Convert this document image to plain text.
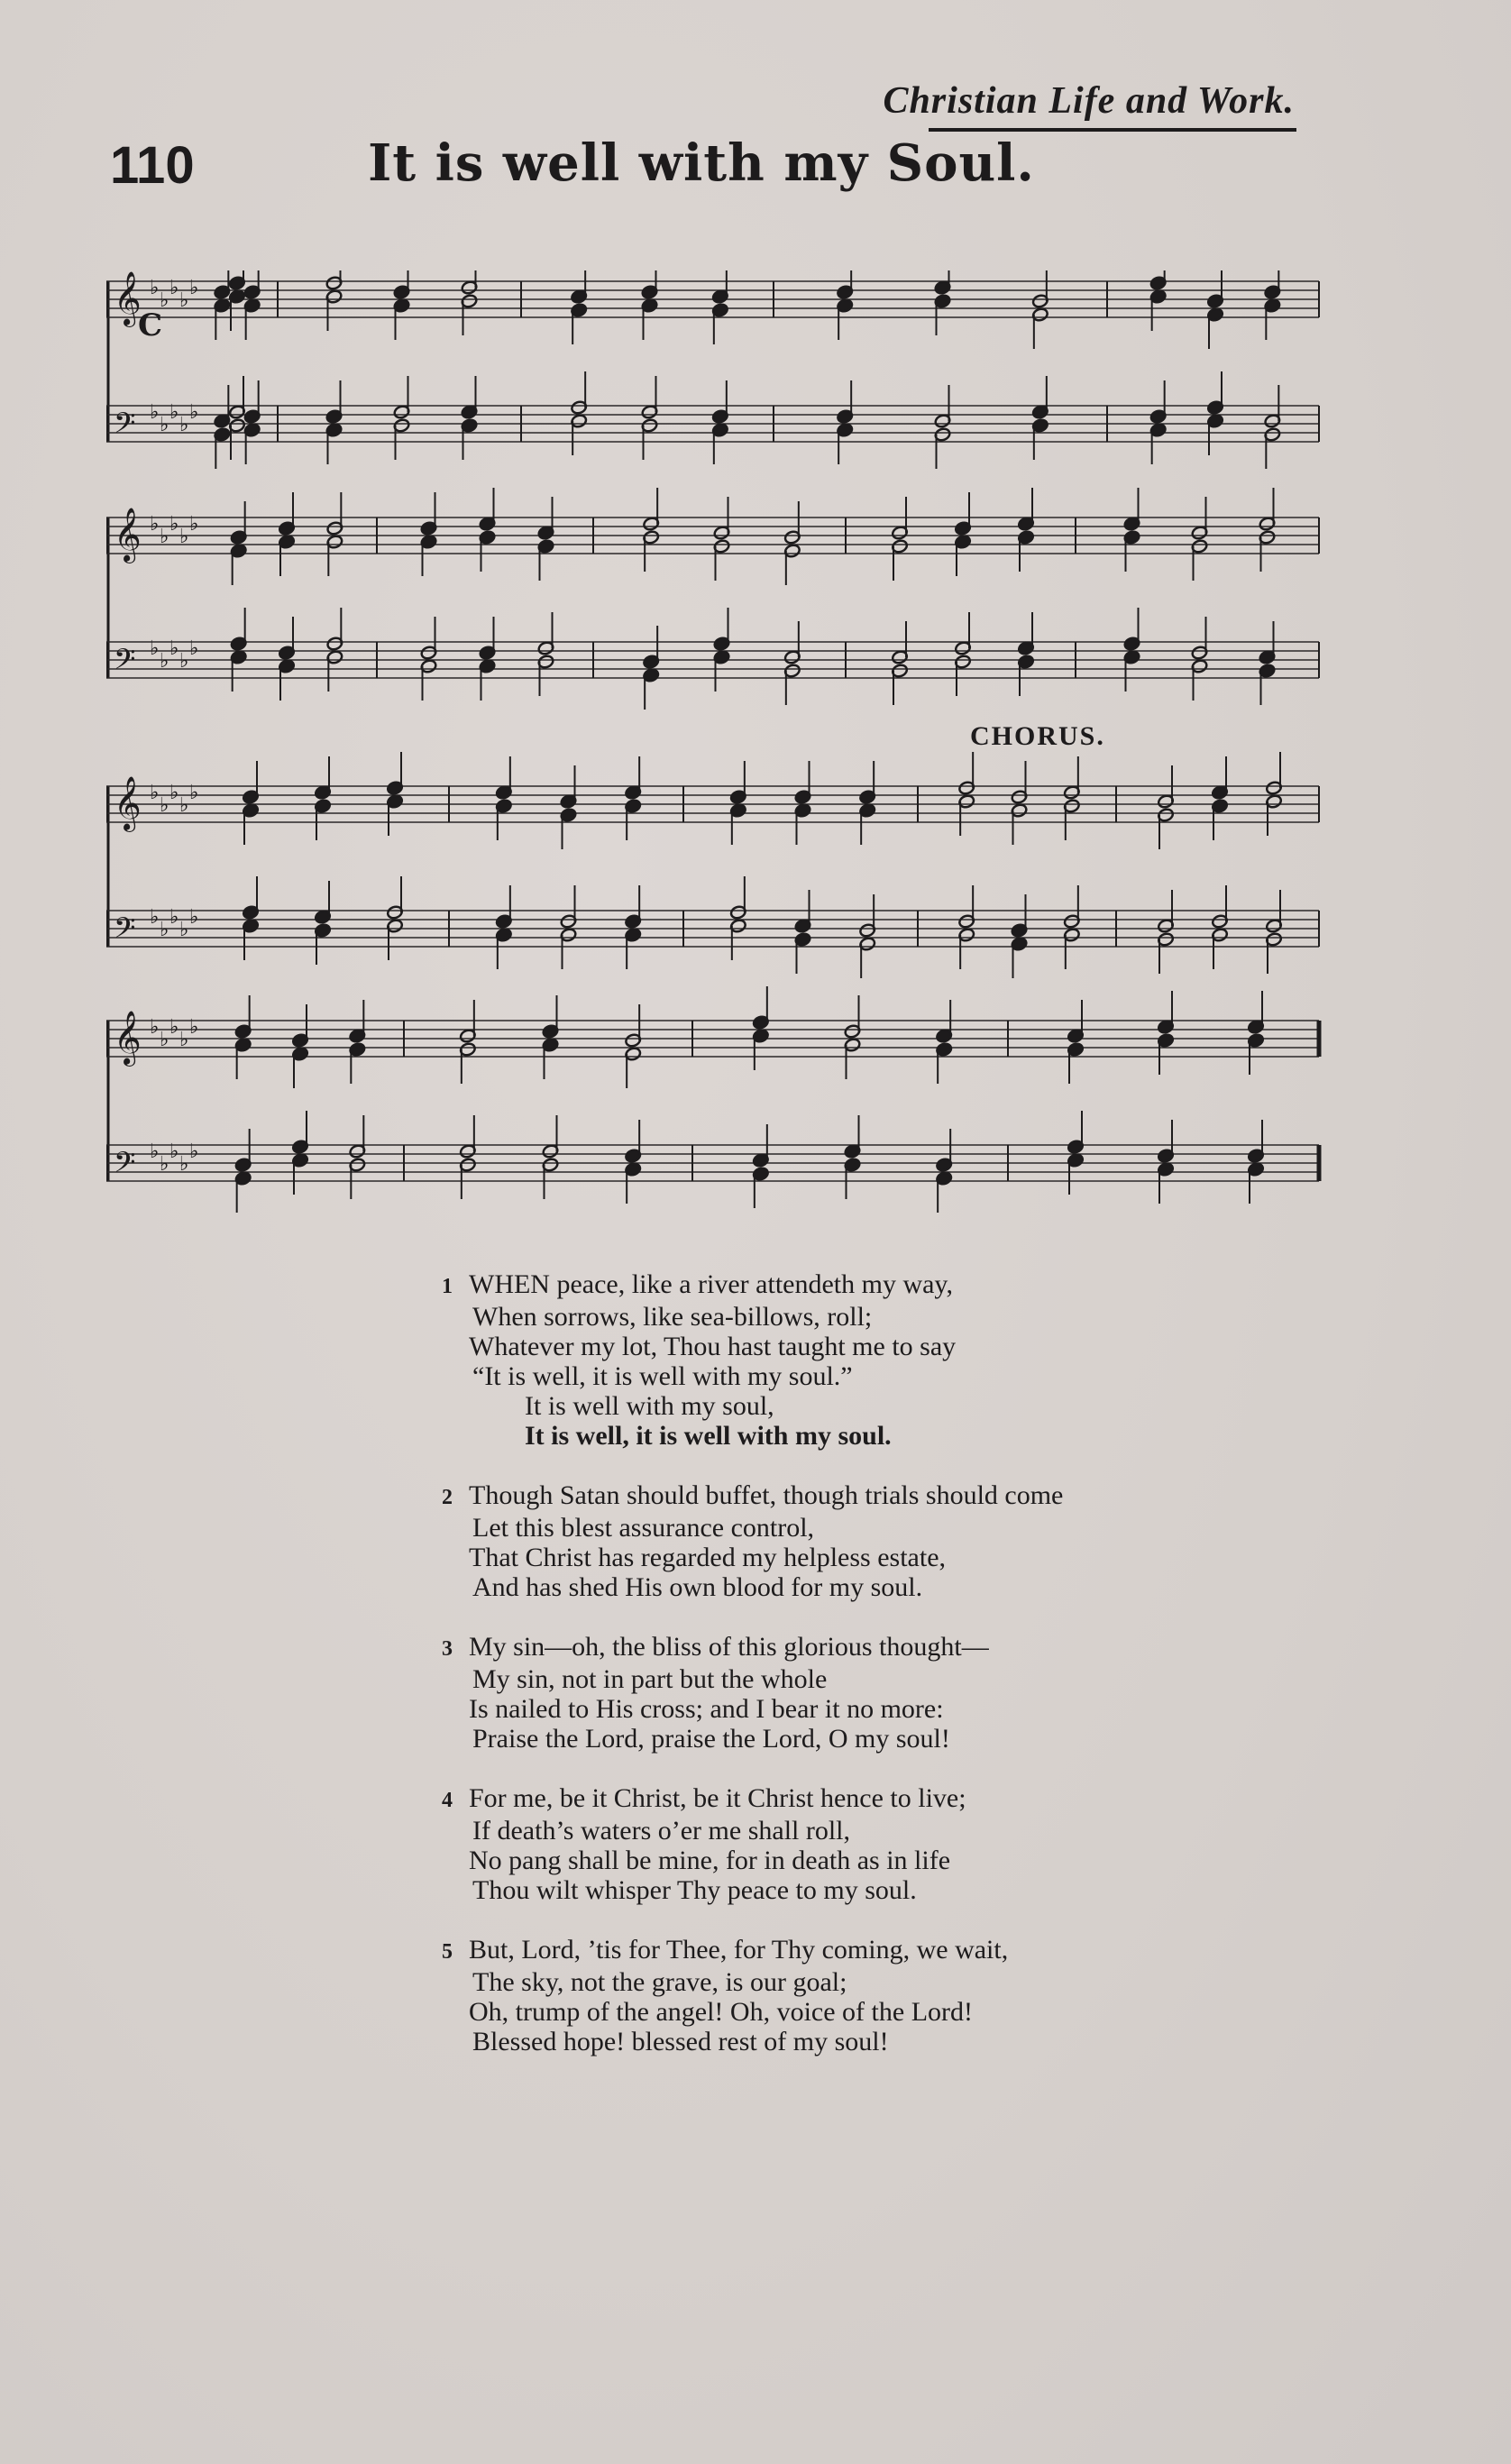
Christian Life and Work.
110	It is well with my Soul.
𝄞 ♭
♭
♭
♭
♭
𝄢 ♭
♭
♭
♭
♭
𝄞 ♭
♭
♭
♭
♭
𝄢 ♭
♭
♭
♭
♭
𝄞 ♭
♭
♭
♭
♭
𝄢 ♭
♭
♭
♭
♭
𝄞 ♭
♭
♭
♭
♭
𝄢 ♭
♭
♭
♭
♭
C
CHORUS.
1 WHEN peace, like a river attendeth my way,
When sorrows, like sea-billows, roll;
Whatever my lot, Thou hast taught me to say
“It is well, it is well with my soul.”
It is well with my soul,
It is well, it is well with my soul.
2 Though Satan should buffet, though trials should come
Let this blest assurance control,
That Christ has regarded my helpless estate,
And has shed His own blood for my soul.
3 My sin—oh, the bliss of this glorious thought—
My sin, not in part but the whole
Is nailed to His cross; and I bear it no more:
Praise the Lord, praise the Lord, O my soul!
4 For me, be it Christ, be it Christ hence to live;
If death’s waters o’er me shall roll,
No pang shall be mine, for in death as in life
Thou wilt whisper Thy peace to my soul.
5 But, Lord, ’tis for Thee, for Thy coming, we wait,
The sky, not the grave, is our goal;
Oh, trump of the angel! Oh, voice of the Lord!
Blessed hope! blessed rest of my soul!
